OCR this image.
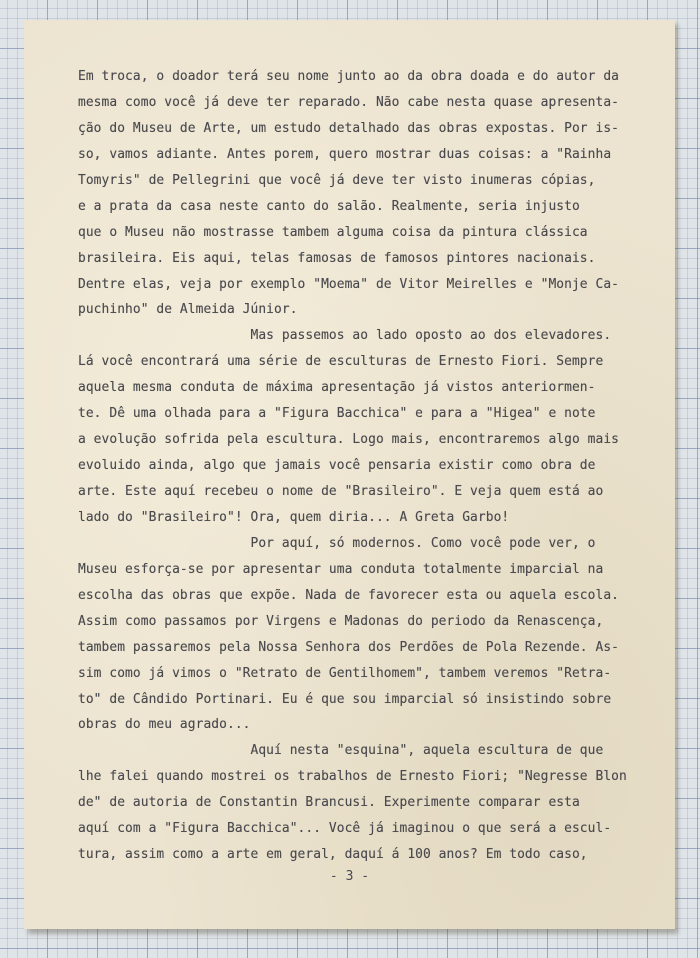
Em troca, o doador terá seu nome junto ao da obra doada e do autor da
mesma como você já deve ter reparado. Não cabe nesta quase apresenta-
ção do Museu de Arte, um estudo detalhado das obras expostas. Por is-
so, vamos adiante. Antes porem, quero mostrar duas coisas: a "Rainha
Tomyris" de Pellegrini que você já deve ter visto inumeras cópias,
e a prata da casa neste canto do salão. Realmente, seria injusto
que o Museu não mostrasse tambem alguma coisa da pintura clássica
brasileira. Eis aqui, telas famosas de famosos pintores nacionais.
Dentre elas, veja por exemplo "Moema" de Vitor Meirelles e "Monje Ca-
puchinho" de Almeida Júnior.
Mas passemos ao lado oposto ao dos elevadores.
Lá você encontrará uma série de esculturas de Ernesto Fiori. Sempre
aquela mesma conduta de máxima apresentação já vistos anteriormen-
te. Dê uma olhada para a "Figura Bacchica" e para a "Higea" e note
a evolução sofrida pela escultura. Logo mais, encontraremos algo mais
evoluido ainda, algo que jamais você pensaria existir como obra de
arte. Este aquí recebeu o nome de "Brasileiro". E veja quem está ao
lado do "Brasileiro"! Ora, quem diria... A Greta Garbo!
Por aquí, só modernos. Como você pode ver, o
Museu esforça-se por apresentar uma conduta totalmente imparcial na
escolha das obras que expõe. Nada de favorecer esta ou aquela escola.
Assim como passamos por Virgens e Madonas do periodo da Renascença,
tambem passaremos pela Nossa Senhora dos Perdões de Pola Rezende. As-
sim como já vimos o "Retrato de Gentilhomem", tambem veremos "Retra-
to" de Cândido Portinari. Eu é que sou imparcial só insistindo sobre
obras do meu agrado...
Aquí nesta "esquina", aquela escultura de que
lhe falei quando mostrei os trabalhos de Ernesto Fiori; "Negresse Blon
de" de autoria de Constantin Brancusi. Experimente comparar esta
aquí com a "Figura Bacchica"... Você já imaginou o que será a escul-
tura, assim como a arte em geral, daquí á 100 anos? Em todo caso,
- 3 -
